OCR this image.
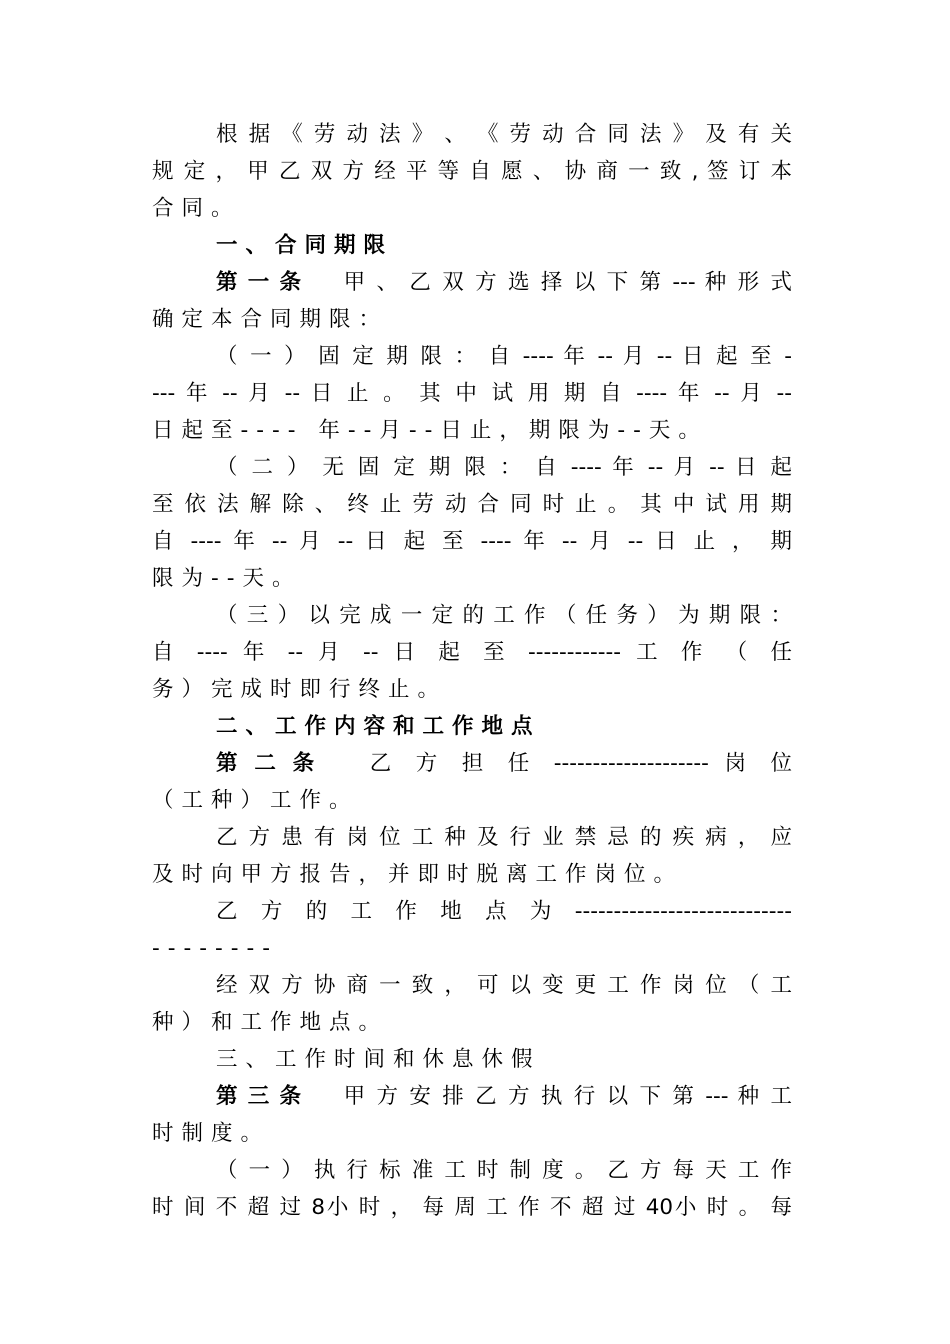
根 据 《 劳 动 法 》 、 《 劳 动 合 同 法 》 及 有 关
规 定 ， 甲 乙 双 方 经 平 等 自 愿 、 协 商 一 致 , 签 订 本
合同。
一、合同期限
第一条 甲 、 乙 双 方 选 择 以 下 第 --- 种 形 式
确定本合同期限：
（ 一 ） 固 定 期 限 ： 自 ---- 年 -- 月 -- 日 起 至 -
--- 年 -- 月 -- 日 止 。 其 中 试 用 期 自 ---- 年 -- 月 --
日起至---- 年--月--日止，期限为--天。
（ 二 ） 无 固 定 期 限 ： 自 ---- 年 -- 月 -- 日 起
至 依 法 解 除 、 终 止 劳 动 合 同 时 止 。 其 中 试 用 期
自 ---- 年 -- 月 -- 日 起 至 ---- 年 -- 月 -- 日 止 ， 期
限为--天。
（ 三 ） 以 完 成 一 定 的 工 作 （ 任 务 ） 为 期 限 ：
自 ---- 年 -- 月 -- 日 起 至 ------------ 工 作 （ 任
务）完成时即行终止。
二、工作内容和工作地点
第二条 乙 方 担 任 -------------------- 岗 位
（工种）工作。
乙 方 患 有 岗 位 工 种 及 行 业 禁 忌 的 疾 病 ， 应
及时向甲方报告，并即时脱离工作岗位。
乙 方 的 工 作 地 点 为 ----------------------------
--------
经 双 方 协 商 一 致 ， 可 以 变 更 工 作 岗 位 （ 工
种）和工作地点。
三、工作时间和休息休假
第三条 甲 方 安 排 乙 方 执 行 以 下 第 --- 种 工
时制度。
（ 一 ） 执 行 标 准 工 时 制 度 。 乙 方 每 天 工 作
时 间 不 超 过 8小 时 ， 每 周 工 作 不 超 过 40小 时 。 每
